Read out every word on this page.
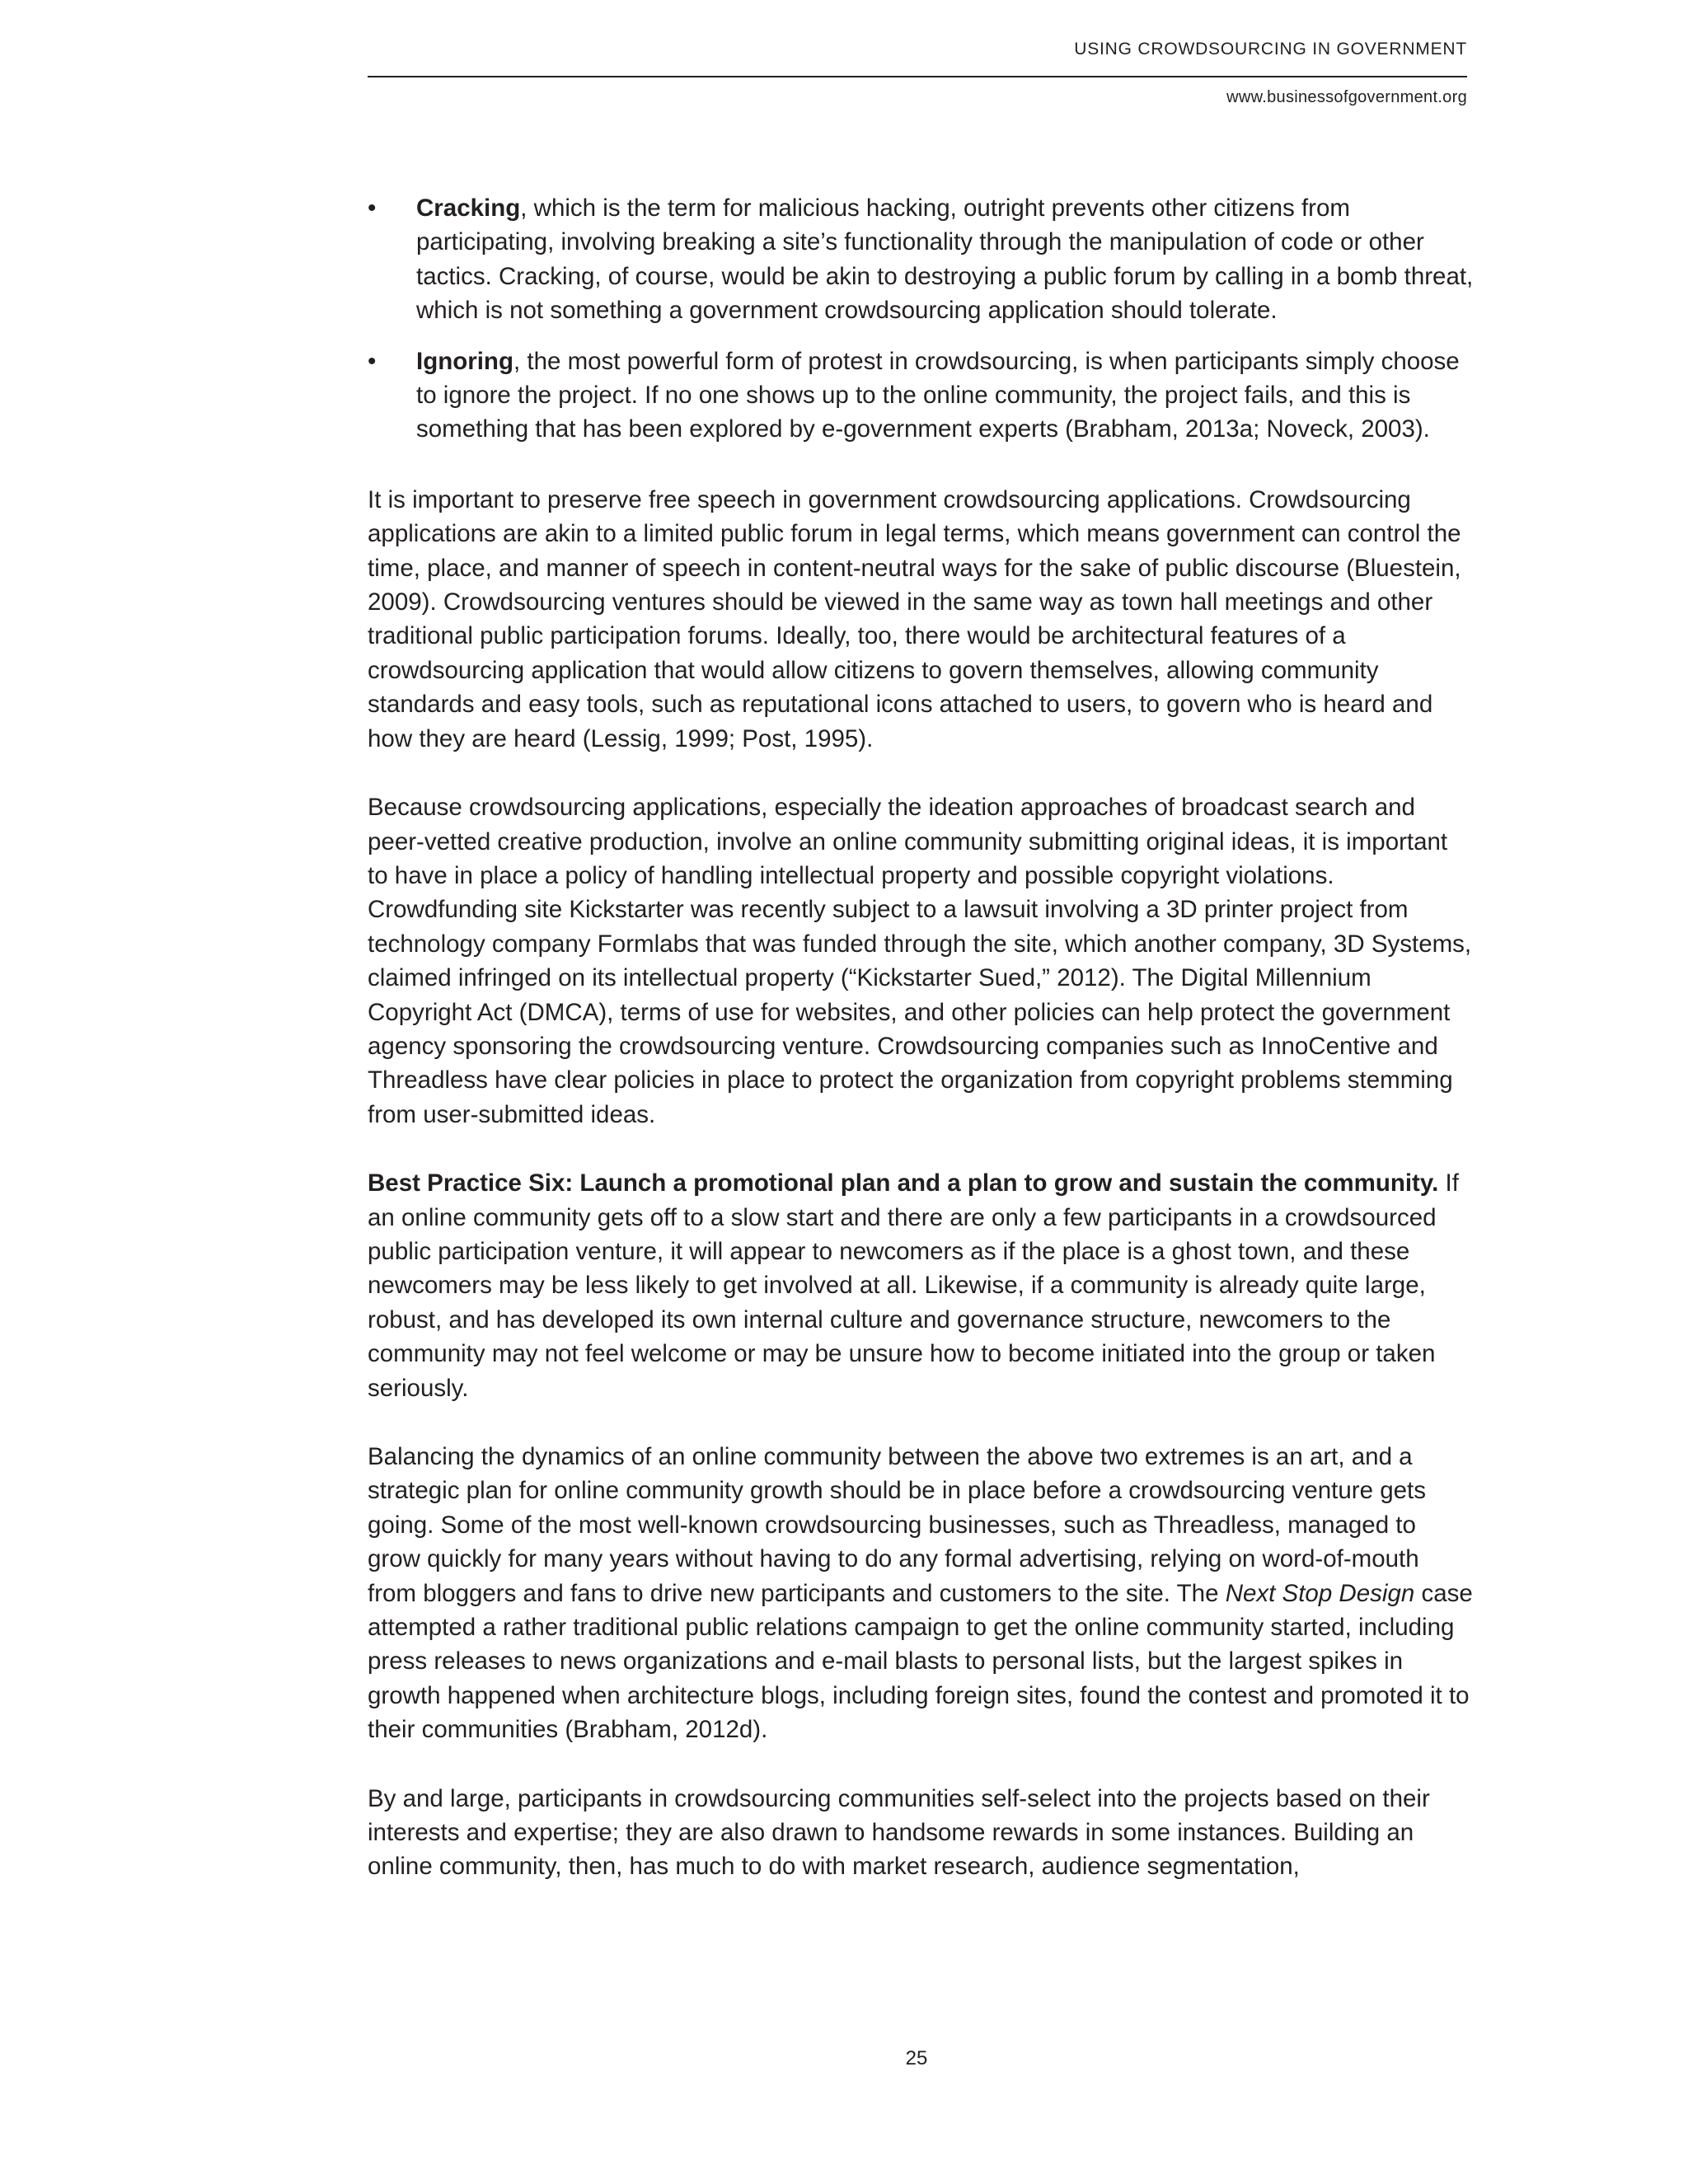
USING CROWDSOURCING IN GOVERNMENT
www.businessofgovernment.org
• Cracking, which is the term for malicious hacking, outright prevents other citizens from participating, involving breaking a site’s functionality through the manipulation of code or other tactics. Cracking, of course, would be akin to destroying a public forum by calling in a bomb threat, which is not something a government crowdsourcing application should tolerate.
• Ignoring, the most powerful form of protest in crowdsourcing, is when participants simply choose to ignore the project. If no one shows up to the online community, the project fails, and this is something that has been explored by e-government experts (Brabham, 2013a; Noveck, 2003).

It is important to preserve free speech in government crowdsourcing applications. Crowdsourcing applications are akin to a limited public forum in legal terms, which means government can control the time, place, and manner of speech in content-neutral ways for the sake of public discourse (Bluestein, 2009). Crowdsourcing ventures should be viewed in the same way as town hall meetings and other traditional public participation forums. Ideally, too, there would be architectural features of a crowdsourcing application that would allow citizens to govern themselves, allowing community standards and easy tools, such as reputational icons attached to users, to govern who is heard and how they are heard (Lessig, 1999; Post, 1995).

Because crowdsourcing applications, especially the ideation approaches of broadcast search and peer-vetted creative production, involve an online community submitting original ideas, it is important to have in place a policy of handling intellectual property and possible copyright violations. Crowdfunding site Kickstarter was recently subject to a lawsuit involving a 3D printer project from technology company Formlabs that was funded through the site, which another company, 3D Systems, claimed infringed on its intellectual property (“Kickstarter Sued,” 2012). The Digital Millennium Copyright Act (DMCA), terms of use for websites, and other policies can help protect the government agency sponsoring the crowdsourcing venture. Crowdsourcing companies such as InnoCentive and Threadless have clear policies in place to protect the organization from copyright problems stemming from user-submitted ideas.

Best Practice Six: Launch a promotional plan and a plan to grow and sustain the community. If an online community gets off to a slow start and there are only a few participants in a crowdsourced public participation venture, it will appear to newcomers as if the place is a ghost town, and these newcomers may be less likely to get involved at all. Likewise, if a community is already quite large, robust, and has developed its own internal culture and governance structure, newcomers to the community may not feel welcome or may be unsure how to become initiated into the group or taken seriously.

Balancing the dynamics of an online community between the above two extremes is an art, and a strategic plan for online community growth should be in place before a crowdsourcing venture gets going. Some of the most well-known crowdsourcing businesses, such as Threadless, managed to grow quickly for many years without having to do any formal advertising, relying on word-of-mouth from bloggers and fans to drive new participants and customers to the site. The Next Stop Design case attempted a rather traditional public relations campaign to get the online community started, including press releases to news organizations and e-mail blasts to personal lists, but the largest spikes in growth happened when architecture blogs, including foreign sites, found the contest and promoted it to their communities (Brabham, 2012d).

By and large, participants in crowdsourcing communities self-select into the projects based on their interests and expertise; they are also drawn to handsome rewards in some instances. Building an online community, then, has much to do with market research, audience segmentation,

25
